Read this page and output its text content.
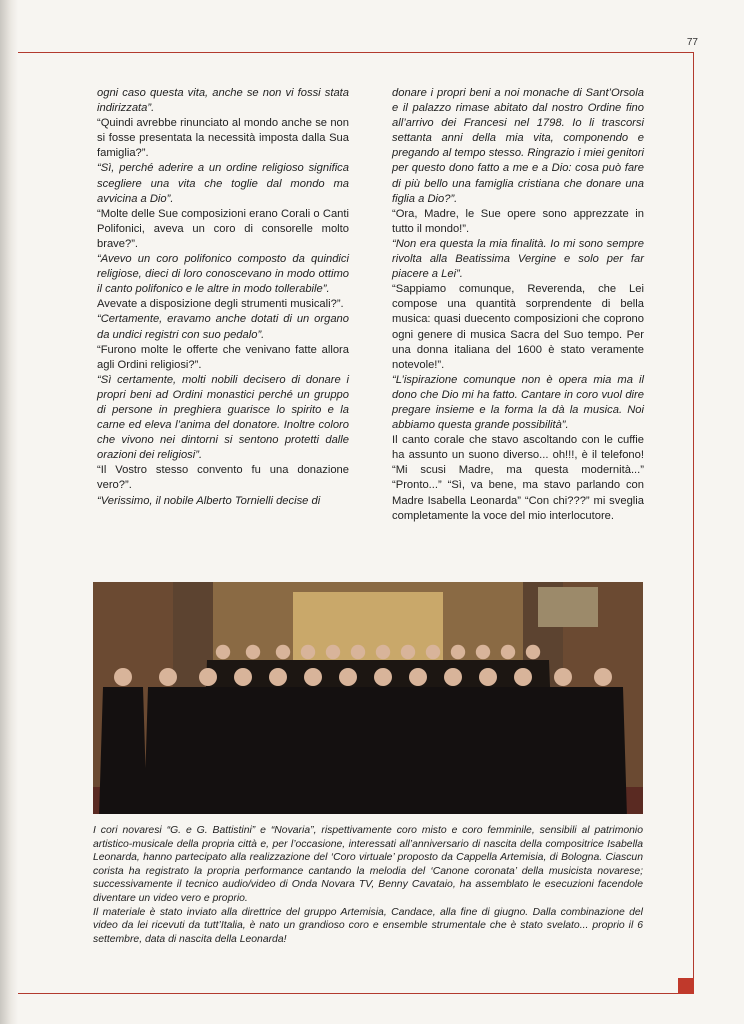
77

ogni caso questa vita, anche se non vi fossi stata indirizzata”.

“Quindi avrebbe rinunciato al mondo anche se non si fosse presentata la necessità imposta dalla Sua famiglia?”.

“Sì, perché aderire a un ordine religioso significa scegliere una vita che toglie dal mondo ma avvicina a Dio”.

“Molte delle Sue composizioni erano Corali o Canti Polifonici, aveva un coro di consorelle molto brave?”.

“Avevo un coro polifonico composto da quindici religiose, dieci di loro conoscevano in modo ottimo il canto polifonico e le altre in modo tollerabile”.

Avevate a disposizione degli strumenti musicali?”.

“Certamente, eravamo anche dotati di un organo da undici registri con suo pedalo”.

“Furono molte le offerte che venivano fatte allora agli Ordini religiosi?”.

“Sì certamente, molti nobili decisero di donare i propri beni ad Ordini monastici perché un gruppo di persone in preghiera guarisce lo spirito e la carne ed eleva l’anima del donatore. Inoltre coloro che vivono nei dintorni si sentono protetti dalle orazioni dei religiosi”.

“Il Vostro stesso convento fu una donazione vero?”.

“Verissimo, il nobile Alberto Tornielli decise di

donare i propri beni a noi monache di Sant’Orsola e il palazzo rimase abitato dal nostro Ordine fino all’arrivo dei Francesi nel 1798. Io li trascorsi settanta anni della mia vita, componendo e pregando al tempo stesso. Ringrazio i miei genitori per questo dono fatto a me e a Dio: cosa può fare di più bello una famiglia cristiana che donare una figlia a Dio?”.

“Ora, Madre, le Sue opere sono apprezzate in tutto il mondo!”.

“Non era questa la mia finalità. Io mi sono sempre rivolta alla Beatissima Vergine e solo per far piacere a Lei”.

“Sappiamo comunque, Reverenda, che Lei compose una quantità sorprendente di bella musica: quasi duecento composizioni che coprono ogni genere di musica Sacra del Suo tempo. Per una donna italiana del 1600 è stato veramente notevole!”.

“L’ispirazione comunque non è opera mia ma il dono che Dio mi ha fatto. Cantare in coro vuol dire pregare insieme e la forma la dà la musica. Noi abbiamo questa grande possibilità”.

Il canto corale che stavo ascoltando con le cuffie ha assunto un suono diverso... oh!!!, è il telefono! “Mi scusi Madre, ma questa modernità...” “Pronto...” “Sì, va bene, ma stavo parlando con Madre Isabella Leonarda” “Con chi???” mi sveglia completamente la voce del mio interlocutore.

I cori novaresi “G. e G. Battistini” e “Novaria”, rispettivamente coro misto e coro femminile, sensibili al patrimonio artistico-musicale della propria città e, per l’occasione, interessati all’anniversario di nascita della compositrice Isabella Leonarda, hanno partecipato alla realizzazione del ‘Coro virtuale’ proposto da Cappella Artemisia, di Bologna. Ciascun corista ha registrato la propria performance cantando la melodia del ‘Canone coronata’ della musicista novarese; successivamente il tecnico audio/video di Onda Novara TV, Benny Cavataio, ha assemblato le esecuzioni facendole diventare un video vero e proprio.

Il materiale è stato inviato alla direttrice del gruppo Artemisia, Candace, alla fine di giugno. Dalla combinazione del video da lei ricevuti da tutt’Italia, è nato un grandioso coro e ensemble strumentale che è stato svelato... proprio il 6 settembre, data di nascita della Leonarda!
